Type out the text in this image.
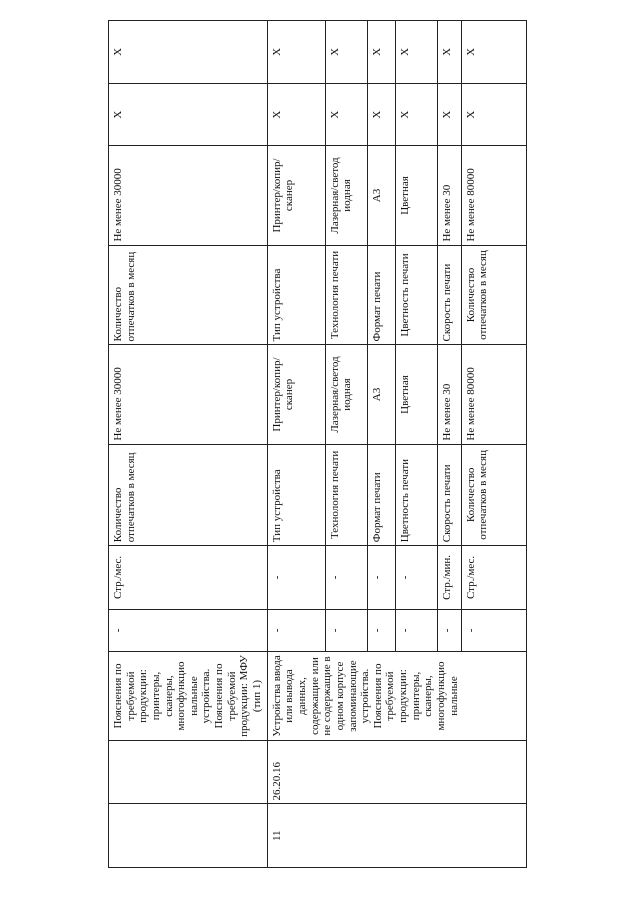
		Пояснения по требуемой продукции: принтеры, сканеры, многофункцио нальные устройства. Пояснения по требуемой продукции: МФУ (тип 1)	-	Стр./мес.	Количество отпечатков в месяц	Не менее 30000	Количество отпечатков в месяц	Не менее 30000	Х	Х
11	26.20.16	Устройства ввода или вывода данных, содержащие или не содержащие в одном корпусе запоминающие устройства. Пояснения по требуемой продукции: принтеры, сканеры, многофункцио нальные	-	-	Тип устройства	Принтер/копир/ сканер	Тип устройства	Принтер/копир/ сканер	Х	Х
			-	-	Технология печати	Лазерная/светод иодная	Технология печати	Лазерная/светод иодная	Х	Х
			-	-	Формат печати	А3	Формат печати	А3	Х	Х
			-	-	Цветность печати	Цветная	Цветность печати	Цветная	Х	Х
			-	Стр./мин.	Скорость печати	Не менее 30	Скорость печати	Не менее 30	Х	Х
			-	Стр./мес.	Количество отпечатков в месяц	Не менее 80000	Количество отпечатков в месяц	Не менее 80000	Х	Х
